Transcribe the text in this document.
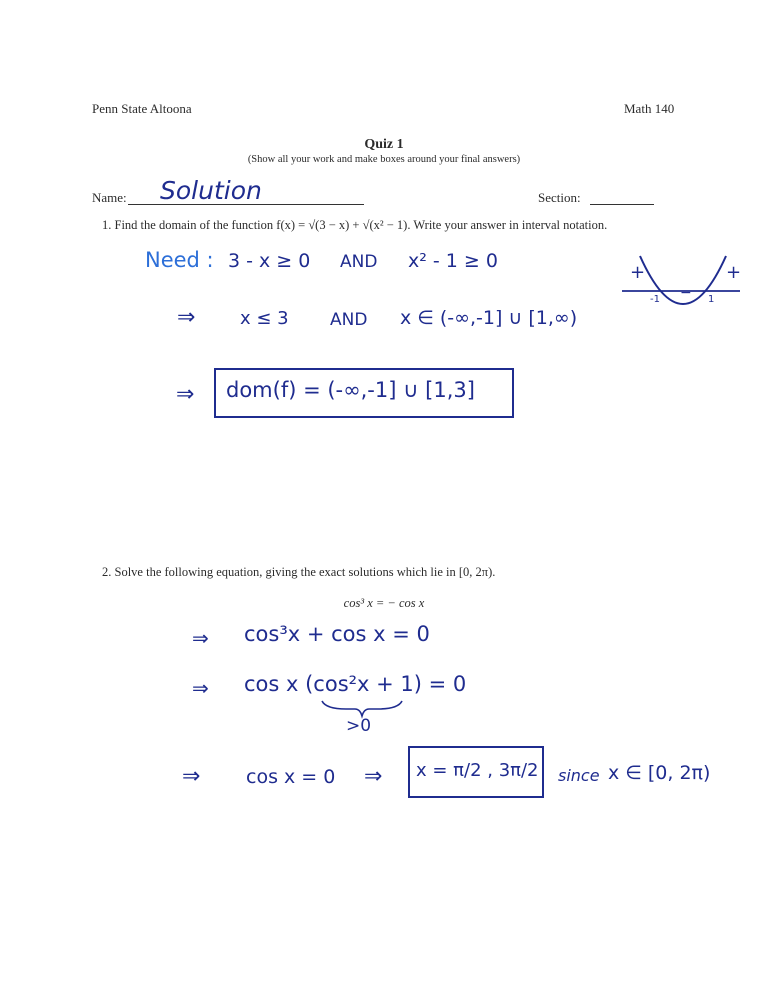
Penn State Altoona	Math 140
Quiz 1
(Show all your work and make boxes around your final answers)
Name: Solution	Section:
1. Find the domain of the function f(x) = √(3 − x) + √(x² − 1). Write your answer in interval notation.
Need : 3 - x ≥ 0 AND x² - 1 ≥ 0
⇒ x ≤ 3 AND x ∈ (-∞,-1] ∪ [1,∞)
⇒ dom(f) = (-∞,-1] ∪ [1,3]
+	+
−
-1	1
2. Solve the following equation, giving the exact solutions which lie in [0, 2π).
cos³ x = − cos x
⇒ cos³x + cos x = 0
⇒ cos x (cos²x + 1) = 0
>0
⇒ cos x = 0 ⇒ x = π/2 , 3π/2 since x ∈ [0, 2π)
